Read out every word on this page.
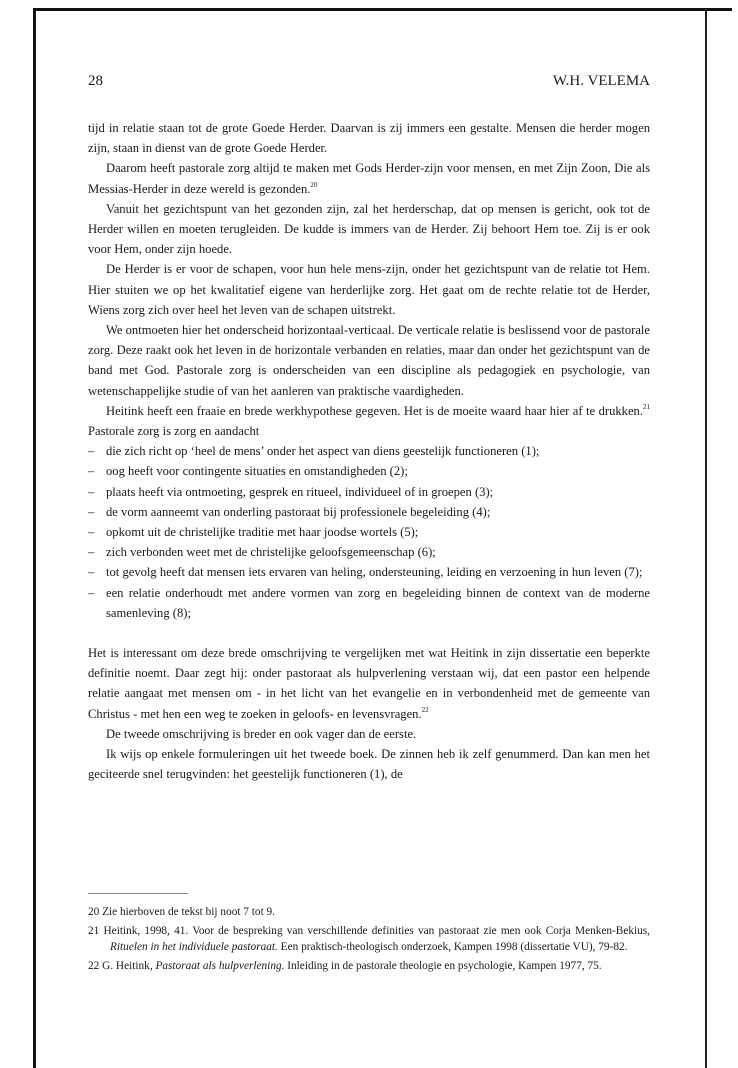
28	W.H. VELEMA

tijd in relatie staan tot de grote Goede Herder. Daarvan is zij immers een gestalte. Mensen die herder mogen zijn, staan in dienst van de grote Goede Herder.

Daarom heeft pastorale zorg altijd te maken met Gods Herder-zijn voor mensen, en met Zijn Zoon, Die als Messias-Herder in deze wereld is gezonden.$^{20}$

Vanuit het gezichtspunt van het gezonden zijn, zal het herderschap, dat op mensen is gericht, ook tot de Herder willen en moeten terugleiden. De kudde is immers van de Herder. Zij behoort Hem toe. Zij is er ook voor Hem, onder zijn hoede.

De Herder is er voor de schapen, voor hun hele mens-zijn, onder het gezichtspunt van de relatie tot Hem. Hier stuiten we op het kwalitatief eigene van herderlijke zorg. Het gaat om de rechte relatie tot de Herder, Wiens zorg zich over heel het leven van de schapen uitstrekt.

We ontmoeten hier het onderscheid horizontaal-verticaal. De verticale relatie is beslissend voor de pastorale zorg. Deze raakt ook het leven in de horizontale verbanden en relaties, maar dan onder het gezichtspunt van de band met God. Pastorale zorg is onderscheiden van een discipline als pedagogiek en psychologie, van wetenschappelijke studie of van het aanleren van praktische vaardigheden.

Heitink heeft een fraaie en brede werkhypothese gegeven. Het is de moeite waard haar hier af te drukken.$^{21}$ Pastorale zorg is zorg en aandacht

– die zich richt op ‘heel de mens’ onder het aspect van diens geestelijk functioneren (1);
– oog heeft voor contingente situaties en omstandigheden (2);
– plaats heeft via ontmoeting, gesprek en ritueel, individueel of in groepen (3);
– de vorm aanneemt van onderling pastoraat bij professionele begeleiding (4);
– opkomt uit de christelijke traditie met haar joodse wortels (5);
– zich verbonden weet met de christelijke geloofsgemeenschap (6);
– tot gevolg heeft dat mensen iets ervaren van heling, ondersteuning, leiding en verzoening in hun leven (7);
– een relatie onderhoudt met andere vormen van zorg en begeleiding binnen de context van de moderne samenleving (8);

Het is interessant om deze brede omschrijving te vergelijken met wat Heitink in zijn dissertatie een beperkte definitie noemt. Daar zegt hij: onder pastoraat als hulpverlening verstaan wij, dat een pastor een helpende relatie aangaat met mensen om - in het licht van het evangelie en in verbondenheid met de gemeente van Christus - met hen een weg te zoeken in geloofs- en levensvragen.$^{22}$

De tweede omschrijving is breder en ook vager dan de eerste.

Ik wijs op enkele formuleringen uit het tweede boek. De zinnen heb ik zelf genummerd. Dan kan men het geciteerde snel terugvinden: het geestelijk functioneren (1), de

20 Zie hierboven de tekst bij noot 7 tot 9.

21 Heitink, 1998, 41. Voor de bespreking van verschillende definities van pastoraat zie men ook Corja Menken-Bekius, Rituelen in het individuele pastoraat. Een praktisch-theologisch onderzoek, Kampen 1998 (dissertatie VU), 79-82.

22 G. Heitink, Pastoraat als hulpverlening. Inleiding in de pastorale theologie en psychologie, Kampen 1977, 75.
